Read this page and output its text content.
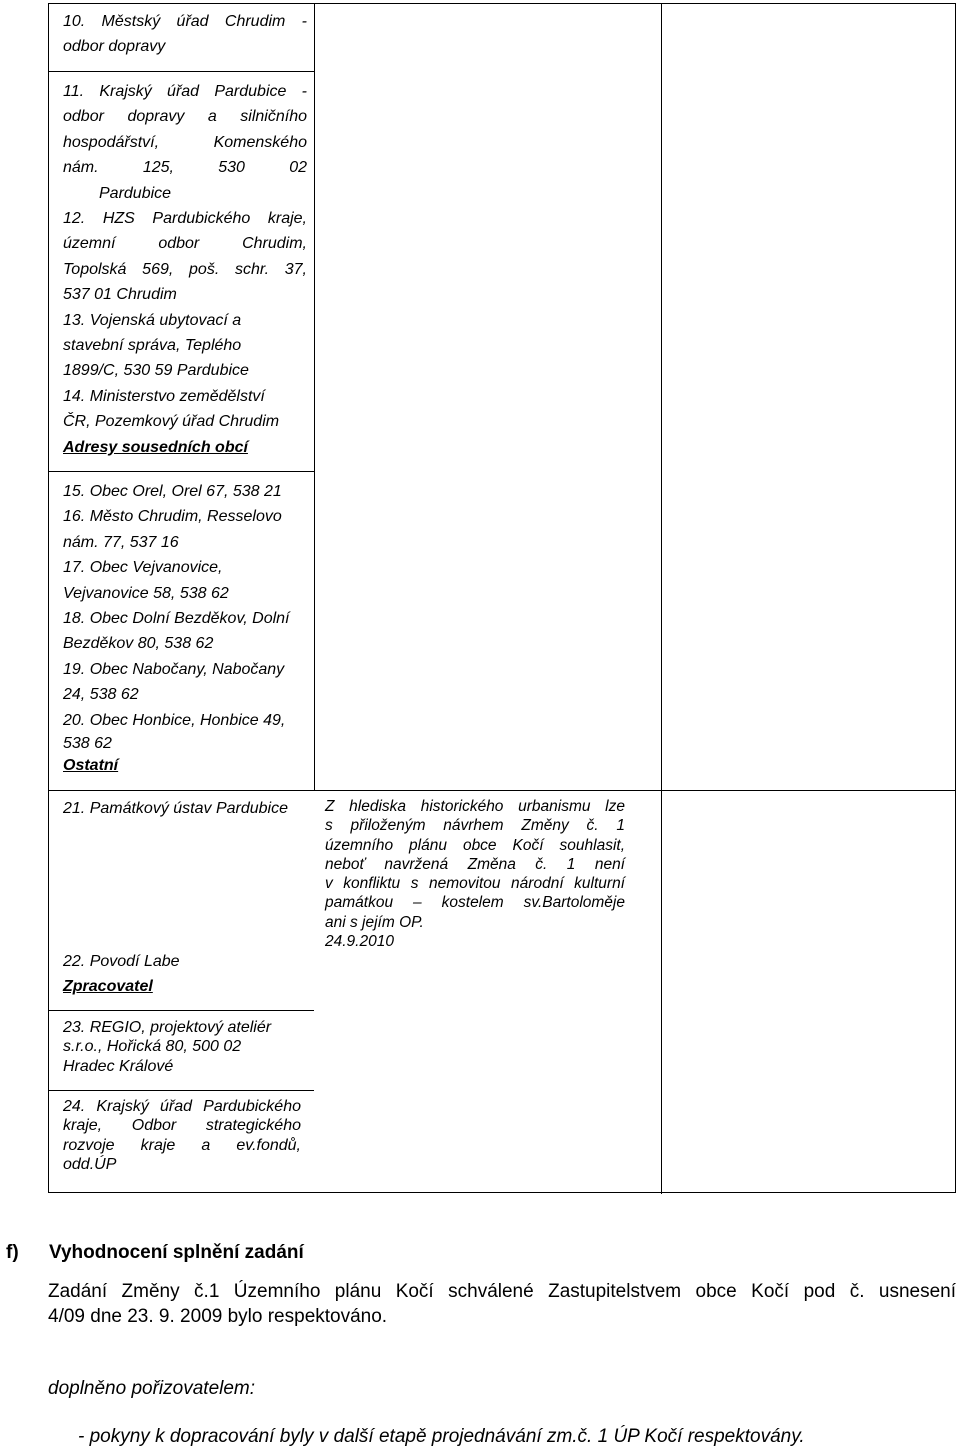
10. Městský úřad Chrudim -

odbor dopravy

11. Krajský úřad Pardubice -

odbor dopravy a silničního

hospodářství, Komenského

nám. 125, 530 02

Pardubice

12. HZS Pardubického kraje,

územní odbor Chrudim,

Topolská 569, poš. schr. 37,

537 01 Chrudim

13. Vojenská ubytovací a

stavební správa, Teplého

1899/C, 530 59 Pardubice

14. Ministerstvo zemědělství

ČR, Pozemkový úřad Chrudim

Adresy sousedních obcí

15. Obec Orel, Orel 67, 538 21

16. Město Chrudim, Resselovo

nám. 77, 537 16

17. Obec Vejvanovice,

Vejvanovice 58, 538 62

18. Obec Dolní Bezděkov, Dolní

Bezděkov 80, 538 62

19. Obec Nabočany, Nabočany

24, 538 62

20. Obec Honbice, Honbice 49,

538 62

Ostatní

21. Památkový ústav Pardubice

22. Povodí Labe

Zpracovatel

23. REGIO, projektový ateliér

s.r.o., Hořická 80, 500 02

Hradec Králové

24. Krajský úřad Pardubického

kraje, Odbor strategického

rozvoje kraje a ev.fondů,

odd.ÚP

Z hlediska historického urbanismu lze

s přiloženým návrhem Změny č. 1

územního plánu obce Kočí souhlasit,

neboť navržená Změna č. 1 není

v konfliktu s nemovitou národní kulturní

památkou – kostelem sv.Bartoloměje

ani s jejím OP.

24.9.2010

f) Vyhodnocení splnění zadání

Zadání Změny č.1 Územního plánu Kočí schválené Zastupitelstvem obce Kočí pod č. usnesení

4/09 dne 23. 9. 2009 bylo respektováno.

doplněno pořizovatelem:
- pokyny k dopracování byly v další etapě projednávání zm.č. 1 ÚP Kočí respektovány.
